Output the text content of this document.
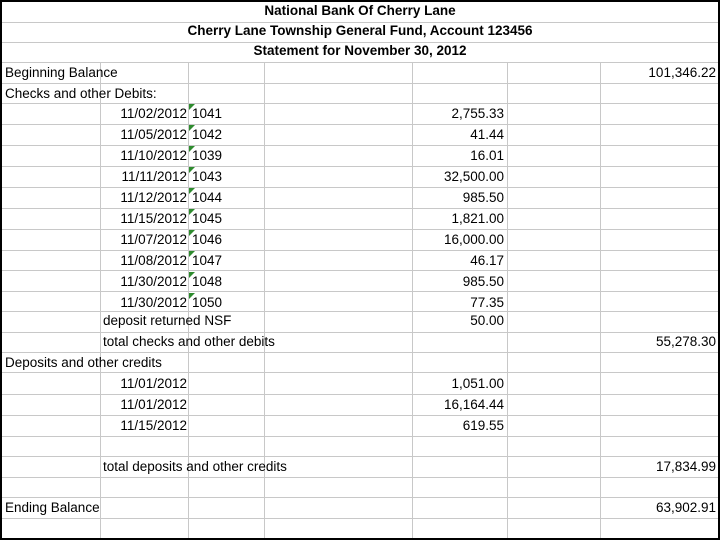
National Bank Of Cherry Lane
Cherry Lane Township General Fund, Account 123456
Statement for November 30, 2012
Beginning Balance	101,346.22
Checks and other Debits:
11/02/2012 1041	2,755.33
11/05/2012 1042	41.44
11/10/2012 1039	16.01
11/11/2012 1043	32,500.00
11/12/2012 1044	985.50
11/15/2012 1045	1,821.00
11/07/2012 1046	16,000.00
11/08/2012 1047	46.17
11/30/2012 1048	985.50
11/30/2012 1050	77.35
deposit returned NSF	50.00
total checks and other debits	55,278.30
Deposits and other credits
11/01/2012	1,051.00
11/01/2012	16,164.44
11/15/2012	619.55
total deposits and other credits	17,834.99
Ending Balance	63,902.91
